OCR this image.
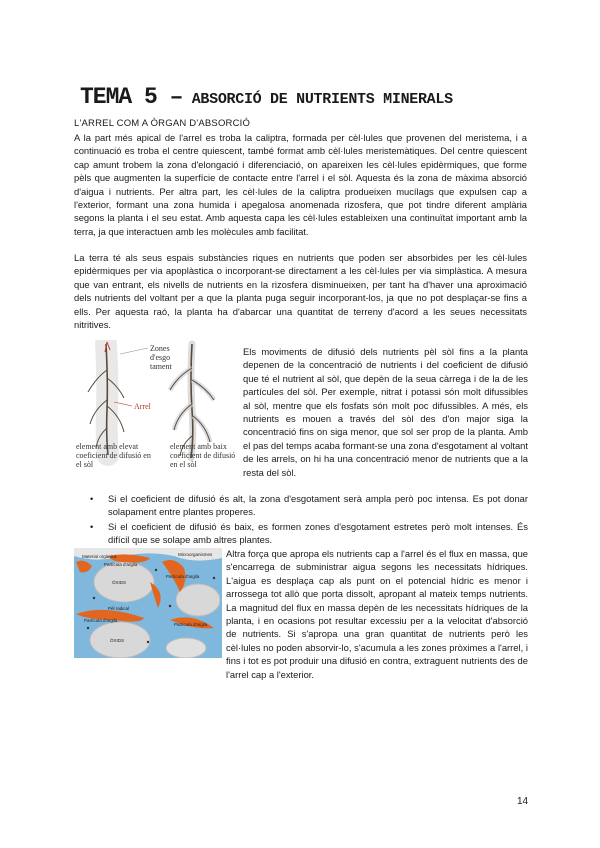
TEMA 5 – ABSORCIÓ DE NUTRIENTS MINERALS
L'ARREL COM A ÒRGAN D'ABSORCIÓ

A la part més apical de l'arrel es troba la caliptra, formada per cèl·lules que provenen del meristema, i a continuació es troba el centre quiescent, també format amb cèl·lules meristemàtiques. Del centre quiescent cap amunt trobem la zona d'elongació i diferenciació, on apareixen les cèl·lules epidèrmiques, que forme pèls que augmenten la superfície de contacte entre l'arrel i el sòl. Aquesta és la zona de màxima absorció d'aigua i nutrients. Per altra part, les cèl·lules de la caliptra produeixen mucílags que expulsen cap a l'exterior, formant una zona humida i apegalosa anomenada rizosfera, que pot tindre diferent amplària segons la planta i el seu estat. Amb aquesta capa les cèl·lules estableixen una continuïtat important amb la terra, ja que interactuen amb les molècules amb facilitat.

La terra té als seus espais substàncies riques en nutrients que poden ser absorbides per les cèl·lules epidèrmiques per via apoplàstica o incorporant-se directament a les cèl·lules per via simplàstica. A mesura que van entrant, els nivells de nutrients en la rizosfera disminueixen, per tant ha d'haver una aproximació dels nutrients del voltant per a que la planta puga seguir incorporant-los, ja que no pot desplaçar-se fins a ells. Per aquesta raó, la planta ha d'abarcar una quantitat de terreny d'acord a les seues necessitats nitritives.

Zones d'esgo tament
Arrel
element amb elevat coeficient de difusió en el sòl
element amb baix coeficient de difusió en el sòl

Els moviments de difusió dels nutrients pèl sòl fins a la planta depenen de la concentració de nutrients i del coeficient de difusió que té el nutrient al sòl, que depèn de la seua càrrega i de la de les partícules del sòl. Per exemple, nitrat i potassi són molt difussibles al sòl, mentre que els fosfats són molt poc difussibles. A més, els nutrients es mouen a través del sòl des d'on major siga la concentració fins on siga menor, que sol ser prop de la planta. Amb el pas del temps acaba formant-se una zona d'esgotament al voltant de les arrels, on hi ha una concentració menor de nutrients que a la resta del sòl.

• Si el coeficient de difusió és alt, la zona d'esgotament serà ampla però poc intensa. Es pot donar solapament entre plantes properes.
• Si el coeficient de difusió és baix, es formen zones d'esgotament estretes però molt intenses. És difícil que se solape amb altres plantes.
Material orgànica
Partícula d'argila
Microorganismes
ÓXIDS
Partícula d'argila
Pèl radical
Partícula d'argila
Partícula d'argila
ÓXIDS

Altra força que apropa els nutrients cap a l'arrel és el flux en massa, que s'encarrega de subministrar aigua segons les necessitats hídriques. L'aigua es desplaça cap als punt on el potencial hídric es menor i arrossega tot allò que porta dissolt, apropant al mateix temps nutrients. La magnitud del flux en massa depèn de les necessitats hídriques de la planta, i en ocasions pot resultar excessiu per a la velocitat d'absorció de nutrients. Si s'apropa una gran quantitat de nutrients però les cèl·lules no poden absorvir-lo, s'acumula a les zones pròximes a l'arrel, i fins i tot es pot produir una difusió en contra, extraguent nutrients des de l'arrel cap a l'exterior.

14
